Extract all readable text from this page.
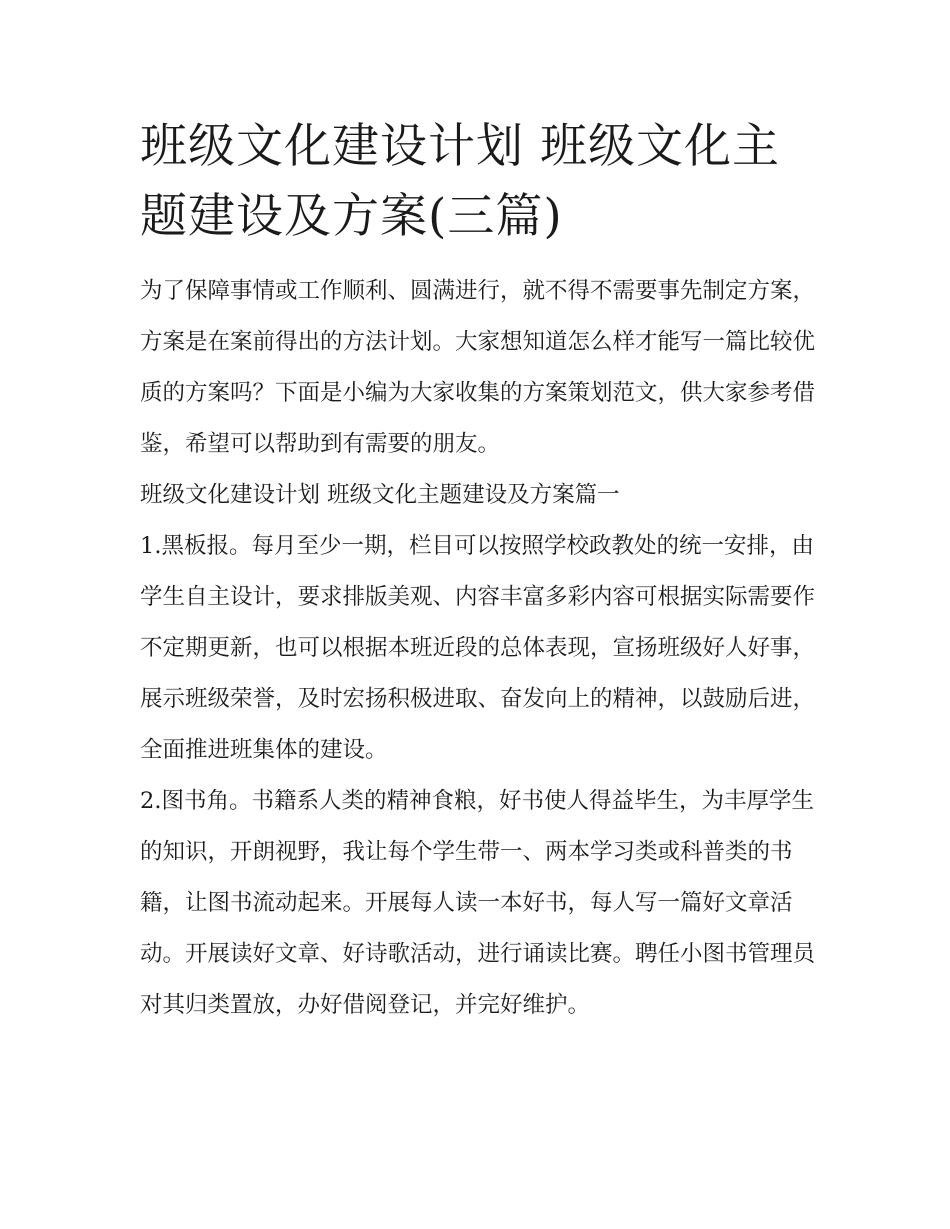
班级文化建设计划 班级文化主题建设及方案(三篇)

为了保障事情或工作顺利、圆满进行，就不得不需要事先制定方案，方案是在案前得出的方法计划。大家想知道怎么样才能写一篇比较优质的方案吗？下面是小编为大家收集的方案策划范文，供大家参考借鉴，希望可以帮助到有需要的朋友。

班级文化建设计划 班级文化主题建设及方案篇一

1.黑板报。每月至少一期，栏目可以按照学校政教处的统一安排，由学生自主设计，要求排版美观、内容丰富多彩内容可根据实际需要作不定期更新，也可以根据本班近段的总体表现，宣扬班级好人好事，展示班级荣誉，及时宏扬积极进取、奋发向上的精神，以鼓励后进，全面推进班集体的建设。

2.图书角。书籍系人类的精神食粮，好书使人得益毕生，为丰厚学生的知识，开朗视野，我让每个学生带一、两本学习类或科普类的书籍，让图书流动起来。开展每人读一本好书，每人写一篇好文章活动。开展读好文章、好诗歌活动，进行诵读比赛。聘任小图书管理员对其归类置放，办好借阅登记，并完好维护。
